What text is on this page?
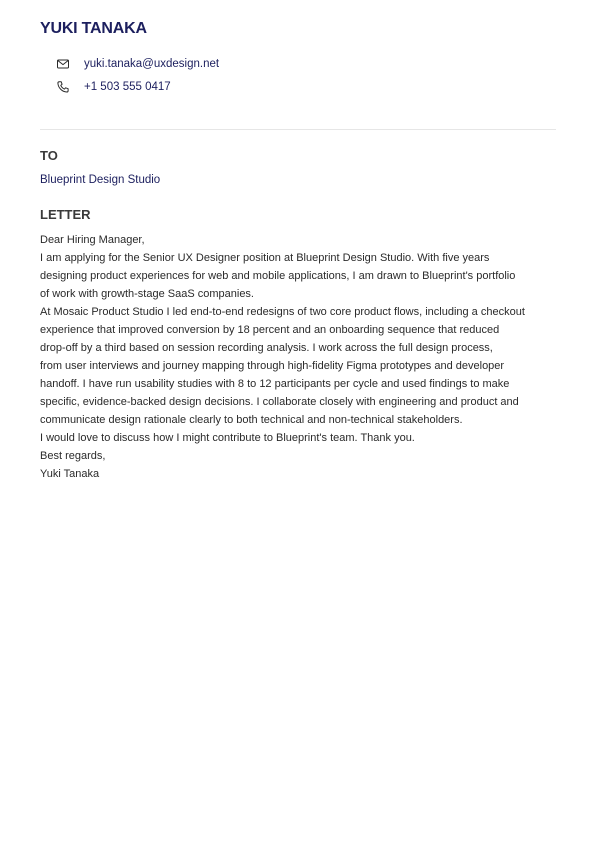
YUKI TANAKA
yuki.tanaka@uxdesign.net
+1 503 555 0417
TO
Blueprint Design Studio
LETTER
Dear Hiring Manager,
I am applying for the Senior UX Designer position at Blueprint Design Studio. With five years
designing product experiences for web and mobile applications, I am drawn to Blueprint's portfolio
of work with growth-stage SaaS companies.
At Mosaic Product Studio I led end-to-end redesigns of two core product flows, including a checkout
experience that improved conversion by 18 percent and an onboarding sequence that reduced
drop-off by a third based on session recording analysis. I work across the full design process,
from user interviews and journey mapping through high-fidelity Figma prototypes and developer
handoff. I have run usability studies with 8 to 12 participants per cycle and used findings to make
specific, evidence-backed design decisions. I collaborate closely with engineering and product and
communicate design rationale clearly to both technical and non-technical stakeholders.
I would love to discuss how I might contribute to Blueprint's team. Thank you.
Best regards,
Yuki Tanaka
